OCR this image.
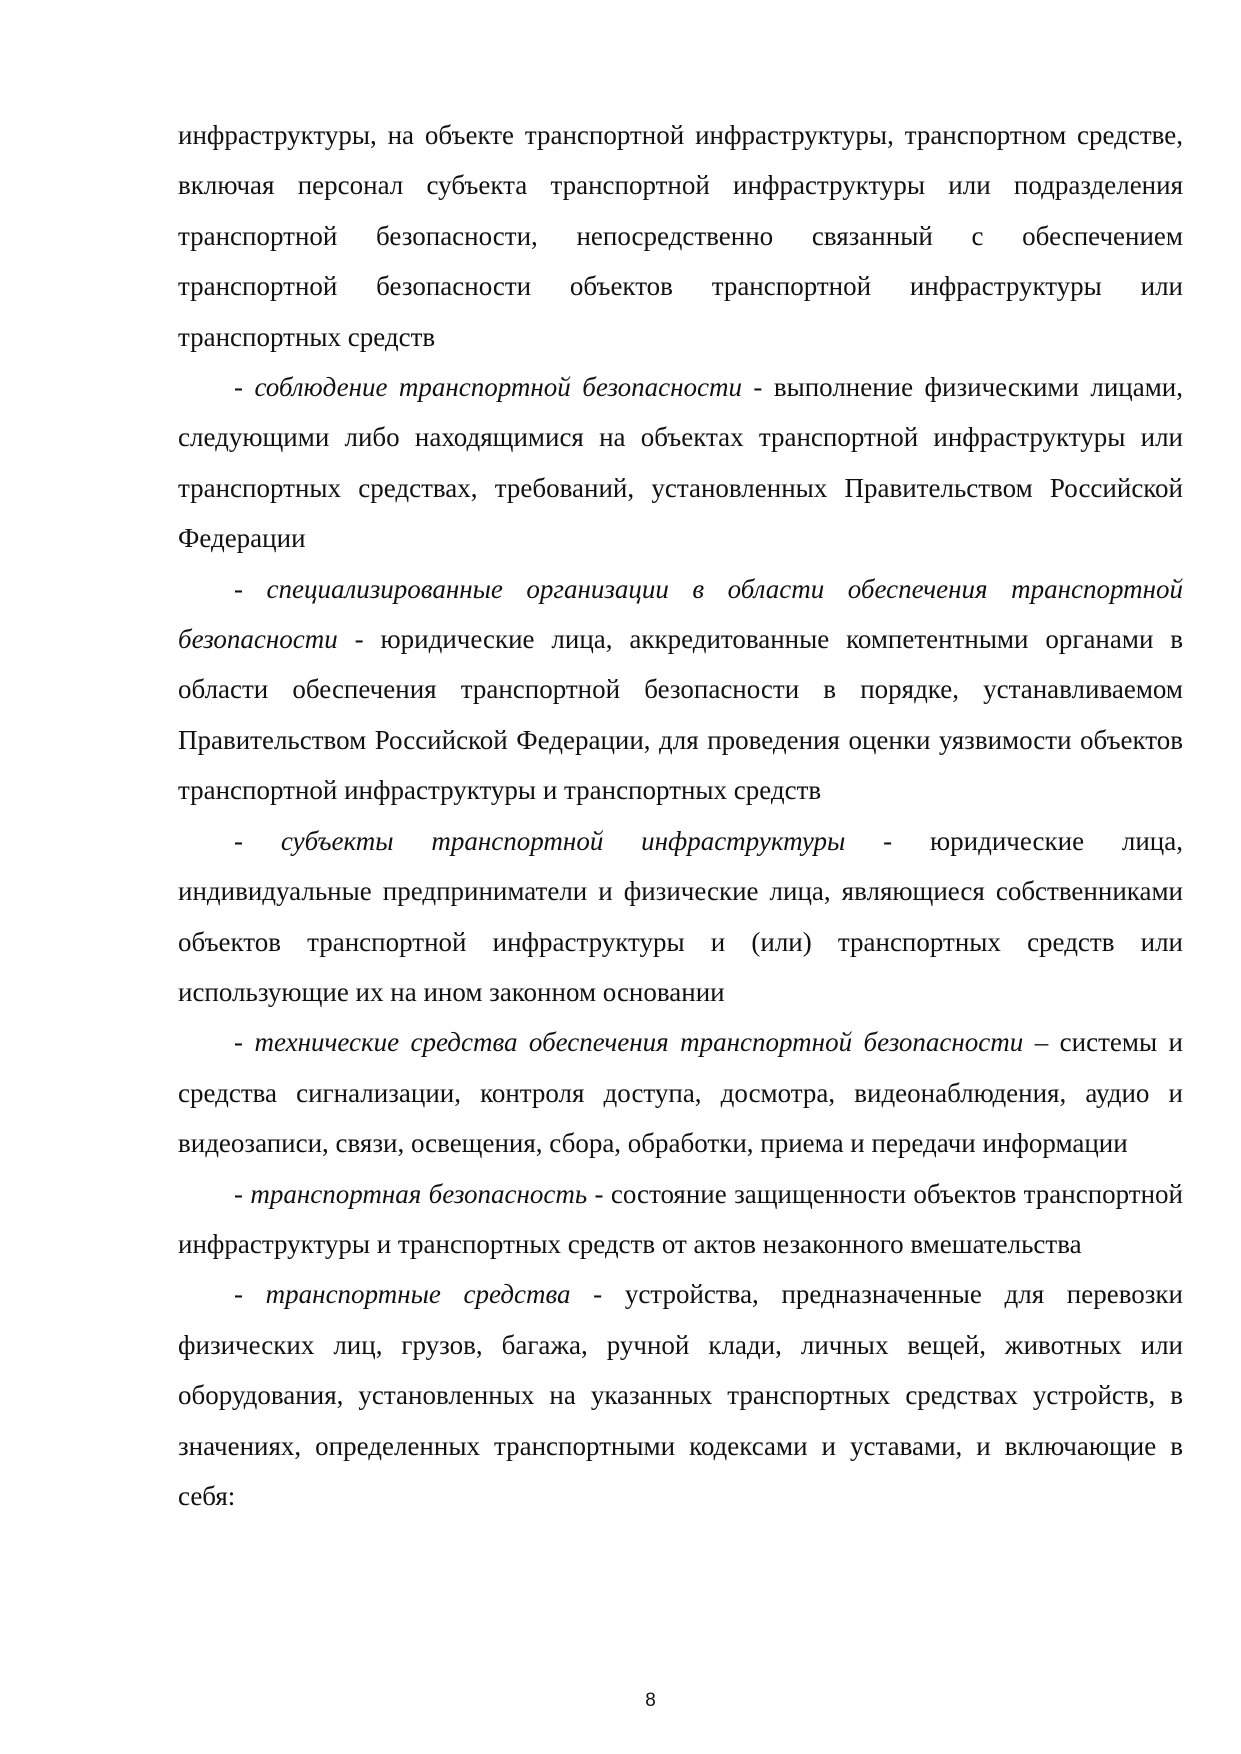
инфраструктуры, на объекте транспортной инфраструктуры, транспортном средстве, включая персонал субъекта транспортной инфраструктуры или подразделения транспортной безопасности, непосредственно связанный с обеспечением транспортной безопасности объектов транспортной инфраструктуры или транспортных средств

- соблюдение транспортной безопасности - выполнение физическими лицами, следующими либо находящимися на объектах транспортной инфраструктуры или транспортных средствах, требований, установленных Правительством Российской Федерации

- специализированные организации в области обеспечения транспортной безопасности - юридические лица, аккредитованные компетентными органами в области обеспечения транспортной безопасности в порядке, устанавливаемом Правительством Российской Федерации, для проведения оценки уязвимости объектов транспортной инфраструктуры и транспортных средств

- субъекты транспортной инфраструктуры - юридические лица, индивидуальные предприниматели и физические лица, являющиеся собственниками объектов транспортной инфраструктуры и (или) транспортных средств или использующие их на ином законном основании

- технические средства обеспечения транспортной безопасности – системы и средства сигнализации, контроля доступа, досмотра, видеонаблюдения, аудио и видеозаписи, связи, освещения, сбора, обработки, приема и передачи информации

- транспортная безопасность - состояние защищенности объектов транспортной инфраструктуры и транспортных средств от актов незаконного вмешательства

- транспортные средства - устройства, предназначенные для перевозки физических лиц, грузов, багажа, ручной клади, личных вещей, животных или оборудования, установленных на указанных транспортных средствах устройств, в значениях, определенных транспортными кодексами и уставами, и включающие в себя:

8
